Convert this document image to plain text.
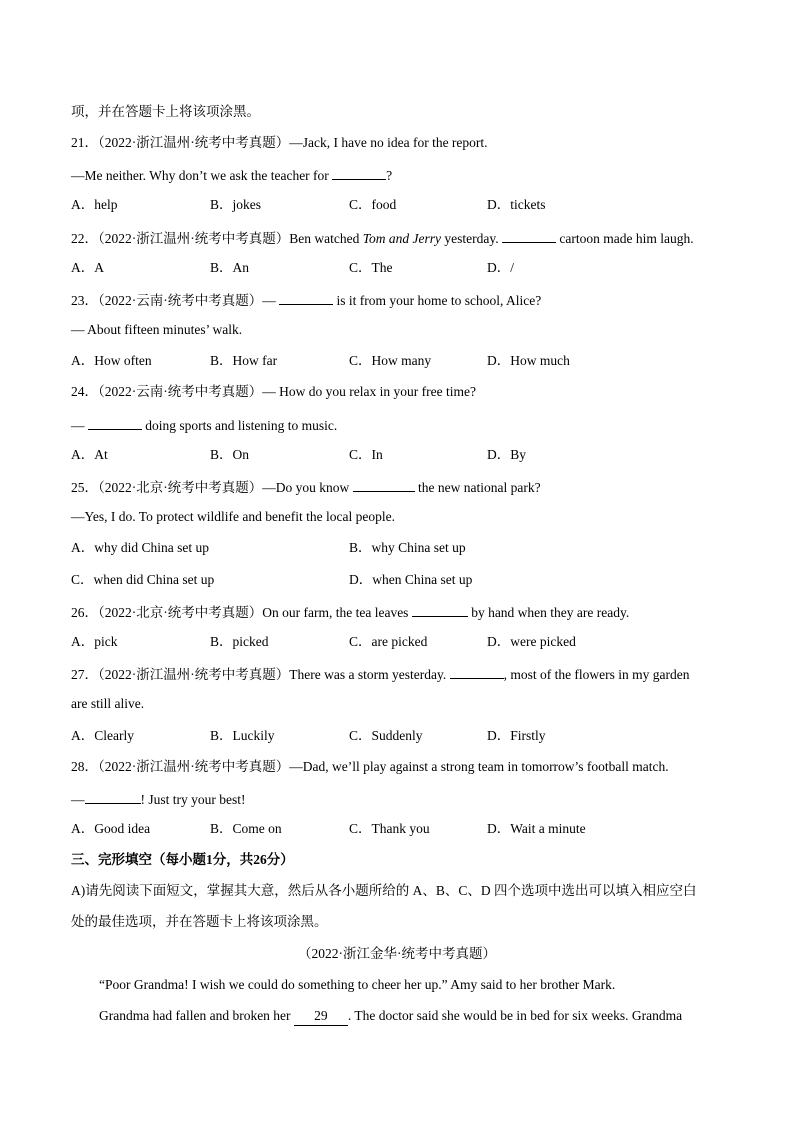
项，并在答题卡上将该项涂黑。
21．（2022·浙江温州·统考中考真题）—Jack, I have no idea for the report.
—Me neither. Why don’t we ask the teacher for	?
A．help	B．jokes	C．food	D．tickets
22．（2022·浙江温州·统考中考真题）Ben watched Tom and Jerry yesterday.	cartoon made him laugh.
A．A	B．An	C．The	D．/
23．（2022·云南·统考中考真题）—	is it from your home to school, Alice?
— About fifteen minutes’ walk.
A．How often	B．How far	C．How many	D．How much
24．（2022·云南·统考中考真题）— How do you relax in your free time?
—	doing sports and listening to music.
A．At	B．On	C．In	D．By
25．（2022·北京·统考中考真题）—Do you know	the new national park?
—Yes, I do. To protect wildlife and benefit the local people.
A．why did China set up	B．why China set up
C．when did China set up	D．when China set up
26．（2022·北京·统考中考真题）On our farm, the tea leaves	by hand when they are ready.
A．pick	B．picked	C．are picked	D．were picked
27．（2022·浙江温州·统考中考真题）There was a storm yesterday.	, most of the flowers in my garden
are still alive.
A．Clearly	B．Luckily	C．Suddenly	D．Firstly
28．（2022·浙江温州·统考中考真题）—Dad, we’ll play against a strong team in tomorrow’s football match.
—	! Just try your best!
A．Good idea	B．Come on	C．Thank you	D．Wait a minute
三、完形填空（每小题1分，共26分）
A)请先阅读下面短文，掌握其大意，然后从各小题所给的 A、B、C、D 四个选项中选出可以填入相应空白
处的最佳选项，并在答题卡上将该项涂黑。
（2022·浙江金华·统考中考真题）
“Poor Grandma! I wish we could do something to cheer her up.” Amy said to her brother Mark.
Grandma had fallen and broken her 29 . The doctor said she would be in bed for six weeks. Grandma
